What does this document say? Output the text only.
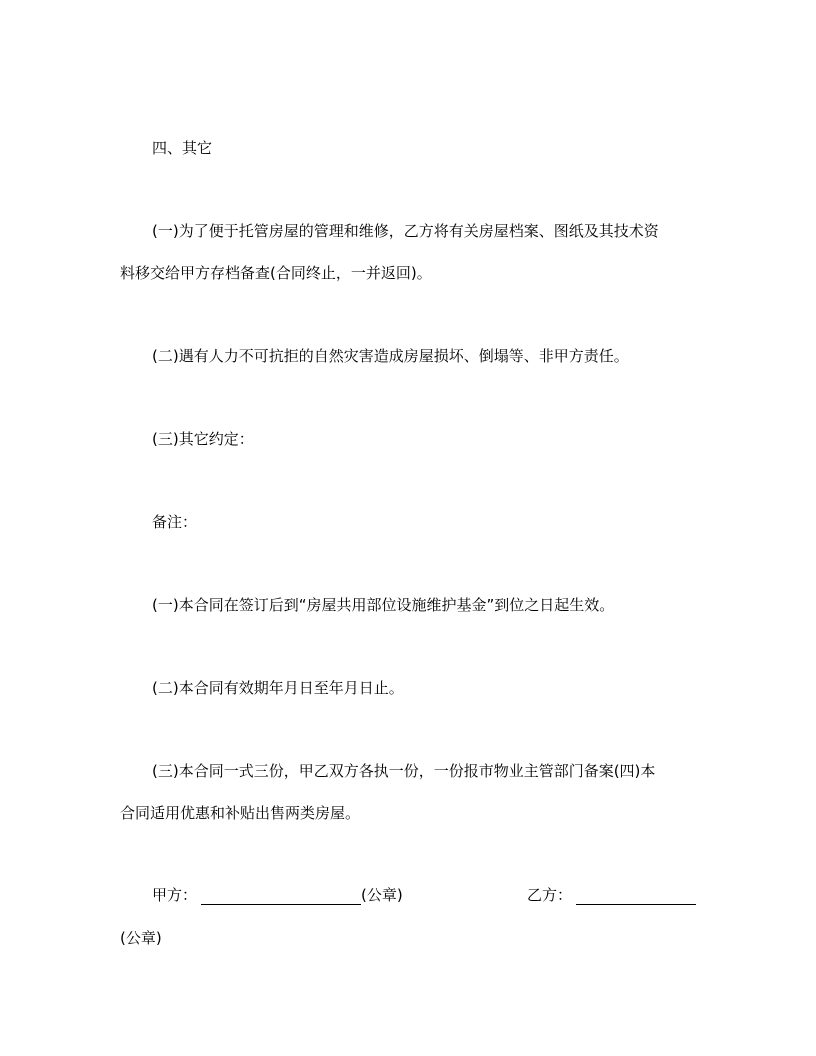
四、其它
(一)为了便于托管房屋的管理和维修，乙方将有关房屋档案、图纸及其技术资
料移交给甲方存档备查(合同终止，一并返回)。
(二)遇有人力不可抗拒的自然灾害造成房屋损坏、倒塌等、非甲方责任。
(三)其它约定：
备注：
(一)本合同在签订后到“房屋共用部位设施维护基金”到位之日起生效。
(二)本合同有效期年月日至年月日止。
(三)本合同一式三份，甲乙双方各执一份，一份报市物业主管部门备案(四)本
合同适用优惠和补贴出售两类房屋。
甲方：	(公章)	乙方：
(公章)
